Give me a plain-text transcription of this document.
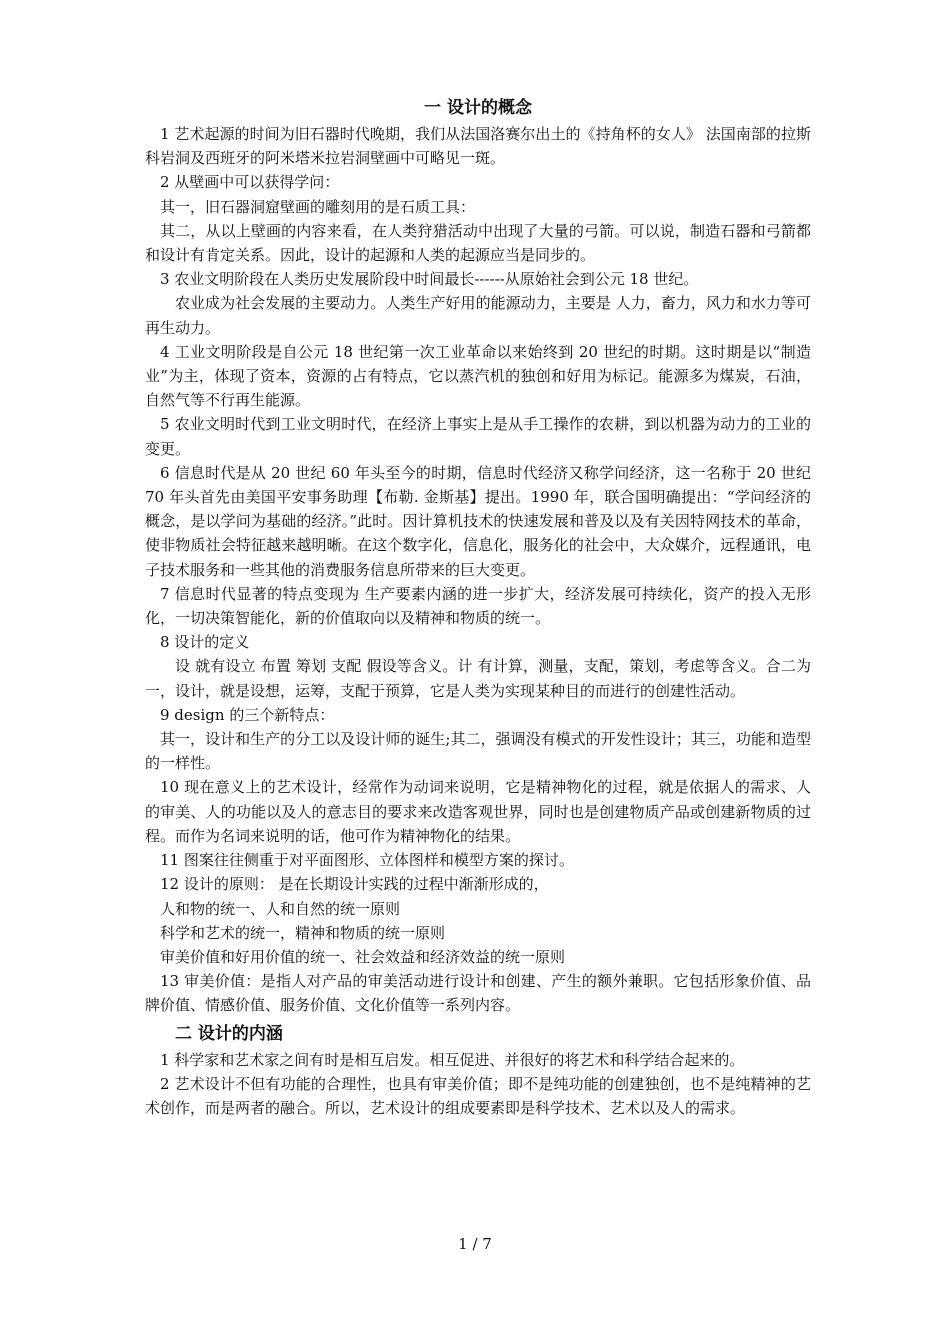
一 设计的概念

1 艺术起源的时间为旧石器时代晚期，我们从法国洛赛尔出土的《持角杯的女人》 法国南部的拉斯科岩洞及西班牙的阿米塔米拉岩洞壁画中可略见一斑。

2 从壁画中可以获得学问：

其一，旧石器洞窟壁画的雕刻用的是石质工具：

其二，从以上壁画的内容来看，在人类狩猎活动中出现了大量的弓箭。可以说，制造石器和弓箭都和设计有肯定关系。因此，设计的起源和人类的起源应当是同步的。

3 农业文明阶段在人类历史发展阶段中时间最长------从原始社会到公元 18 世纪。

农业成为社会发展的主要动力。人类生产好用的能源动力，主要是 人力，畜力，风力和水力等可再生动力。

4 工业文明阶段是自公元 18 世纪第一次工业革命以来始终到 20 世纪的时期。这时期是以“制造业”为主，体现了资本，资源的占有特点，它以蒸汽机的独创和好用为标记。能源多为煤炭，石油，自然气等不行再生能源。

5 农业文明时代到工业文明时代，在经济上事实上是从手工操作的农耕，到以机器为动力的工业的变更。

6 信息时代是从 20 世纪 60 年头至今的时期，信息时代经济又称学问经济，这一名称于 20 世纪 70 年头首先由美国平安事务助理【布勒. 金斯基】提出。1990 年，联合国明确提出：“学问经济的概念，是以学问为基础的经济。”此时。因计算机技术的快速发展和普及以及有关因特网技术的革命，使非物质社会特征越来越明晰。在这个数字化，信息化，服务化的社会中，大众媒介，远程通讯，电子技术服务和一些其他的消费服务信息所带来的巨大变更。

7 信息时代显著的特点变现为 生产要素内涵的进一步扩大，经济发展可持续化，资产的投入无形化，一切决策智能化，新的价值取向以及精神和物质的统一。

8 设计的定义

设 就有设立 布置 筹划 支配 假设等含义。计 有计算，测量，支配，策划，考虑等含义。合二为一，设计，就是设想，运筹，支配于预算，它是人类为实现某种目的而进行的创建性活动。

9 design 的三个新特点：

其一，设计和生产的分工以及设计师的诞生;其二，强调没有模式的开发性设计；其三，功能和造型的一样性。

10 现在意义上的艺术设计，经常作为动词来说明，它是精神物化的过程，就是依据人的需求、人的审美、人的功能以及人的意志目的要求来改造客观世界，同时也是创建物质产品或创建新物质的过程。而作为名词来说明的话，他可作为精神物化的结果。

11 图案往往侧重于对平面图形、立体图样和模型方案的探讨。

12 设计的原则： 是在长期设计实践的过程中渐渐形成的，

人和物的统一、人和自然的统一原则

科学和艺术的统一，精神和物质的统一原则

审美价值和好用价值的统一、社会效益和经济效益的统一原则

13 审美价值：是指人对产品的审美活动进行设计和创建、产生的额外兼职。它包括形象价值、品牌价值、情感价值、服务价值、文化价值等一系列内容。

二 设计的内涵

1 科学家和艺术家之间有时是相互启发。相互促进、并很好的将艺术和科学结合起来的。

2 艺术设计不但有功能的合理性，也具有审美价值；即不是纯功能的创建独创，也不是纯精神的艺术创作，而是两者的融合。所以，艺术设计的组成要素即是科学技术、艺术以及人的需求。

1 / 7
